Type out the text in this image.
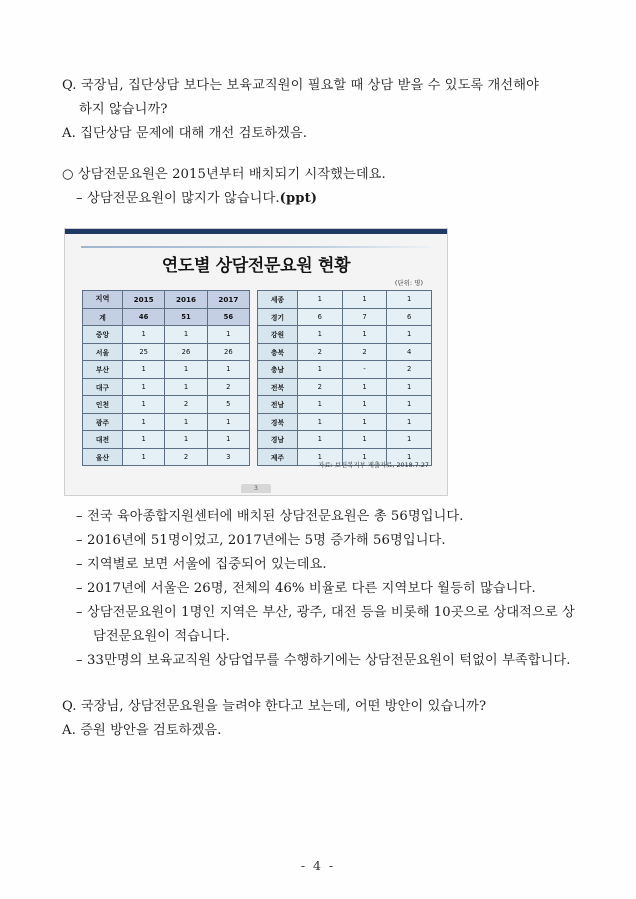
Q. 국장님, 집단상담 보다는 보육교직원이 필요할 때 상담 받을 수 있도록 개선해야
하지 않습니까?
A. 집단상담 문제에 대해 개선 검토하겠음.
○ 상담전문요원은 2015년부터 배치되기 시작했는데요.
– 상담전문요원이 많지가 않습니다.(ppt)
연도별 상담전문요원 현황
(단위: 명)
지역	2015	2016	2017
계	46	51	56
중앙	1	1	1
서울	25	26	26
부산	1	1	1
대구	1	1	2
인천	1	2	5
광주	1	1	1
대전	1	1	1
울산	1	2	3
세종	1	1	1
경기	6	7	6
강원	1	1	1
충북	2	2	4
충남	1	-	2
전북	2	1	1
전남	1	1	1
경북	1	1	1
경남	1	1	1
제주	1	1	1
자료: 보건복지부 제출자료, 2018.7.27
3
– 전국 육아종합지원센터에 배치된 상담전문요원은 총 56명입니다.
– 2016년에 51명이었고, 2017년에는 5명 증가해 56명입니다.
– 지역별로 보면 서울에 집중되어 있는데요.
– 2017년에 서울은 26명, 전체의 46% 비율로 다른 지역보다 월등히 많습니다.
– 상담전문요원이 1명인 지역은 부산, 광주, 대전 등을 비롯해 10곳으로 상대적으로 상담전문요원이 적습니다.
– 33만명의 보육교직원 상담업무를 수행하기에는 상담전문요원이 턱없이 부족합니다.
Q. 국장님, 상담전문요원을 늘려야 한다고 보는데, 어떤 방안이 있습니까?
A. 증원 방안을 검토하겠음.
- 4 -
